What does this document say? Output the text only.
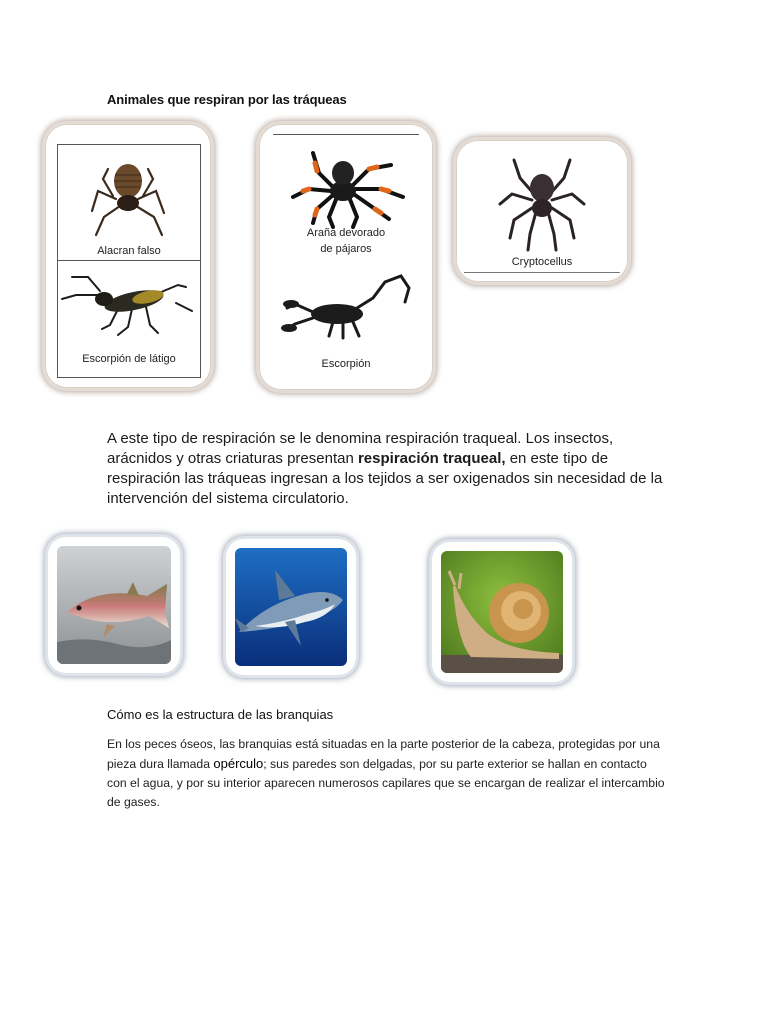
Animales que respiran por las tráqueas
Alacran falso
Escorpión de látigo
Araña devorado
de pájaros
Escorpión
Cryptocellus
A este tipo de respiración se le denomina respiración traqueal. Los insectos, arácnidos y otras criaturas presentan respiración traqueal, en este tipo de respiración las tráqueas ingresan a los tejidos a ser oxigenados sin necesidad de la intervención del sistema circulatorio.
Cómo es la estructura de las branquias
En los peces óseos, las branquias está situadas en la parte posterior de la cabeza, protegidas por una pieza dura llamada opérculo; sus paredes son delgadas, por su parte exterior se hallan en contacto con el agua, y por su interior aparecen numerosos capilares que se encargan de realizar el intercambio de gases.
